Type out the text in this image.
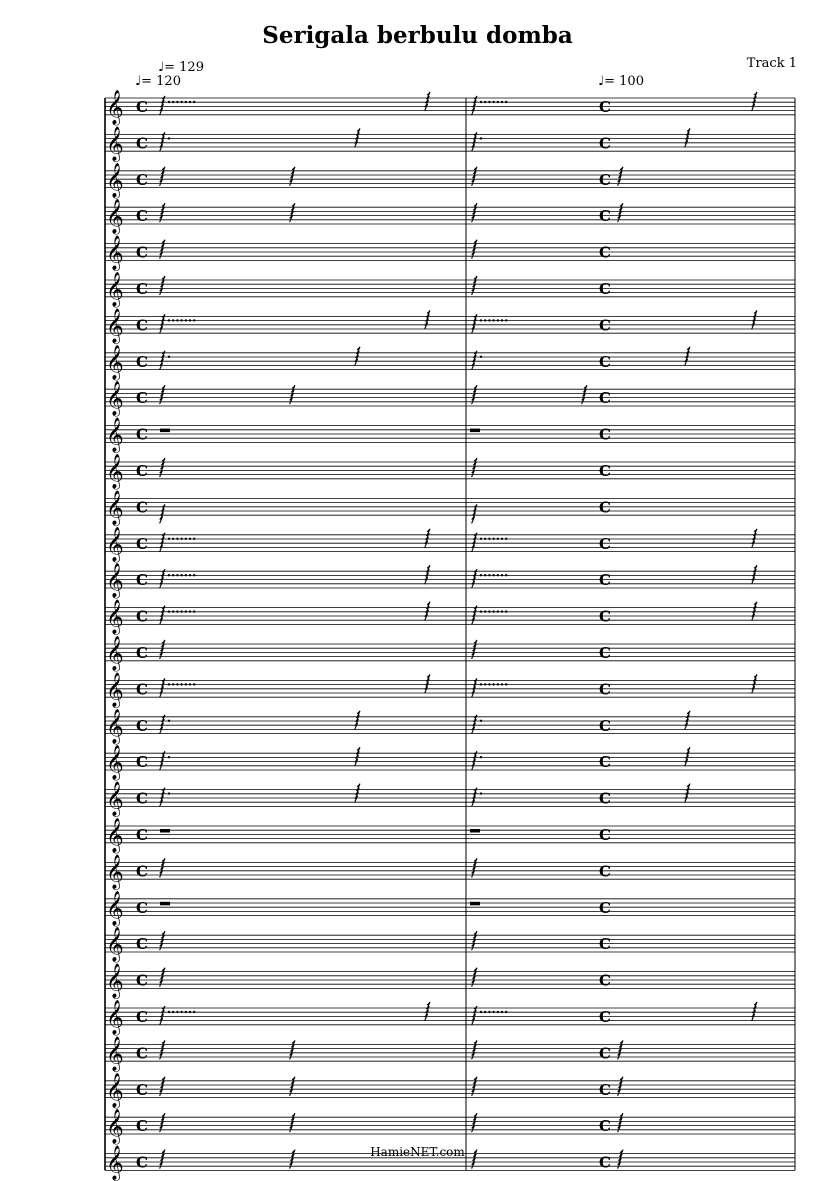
Serigala berbulu domba
Track 1
♩= 120
♩= 129
♩= 100
𝄞 C	C
𝄞 C	C
𝄞 C	C
𝄞 C	C
𝄞 C	C
𝄞 C	C
𝄞 C	C
𝄞 C	C
𝄞 C	C
𝄞 C	C
𝄞 C	C
𝄞 C	C
𝄞 C	C
𝄞 C	C
𝄞 C	C
𝄞 C	C
𝄞 C	C
𝄞 C	C
𝄞 C	C
𝄞 C	C
𝄞 C	C
𝄞 C	C
𝄞 C	C
𝄞 C	C
𝄞 C	C
𝄞 C	C
𝄞 C	C
𝄞 C	C
𝄞 C	C
𝄞 C	C
HamieNET.com
